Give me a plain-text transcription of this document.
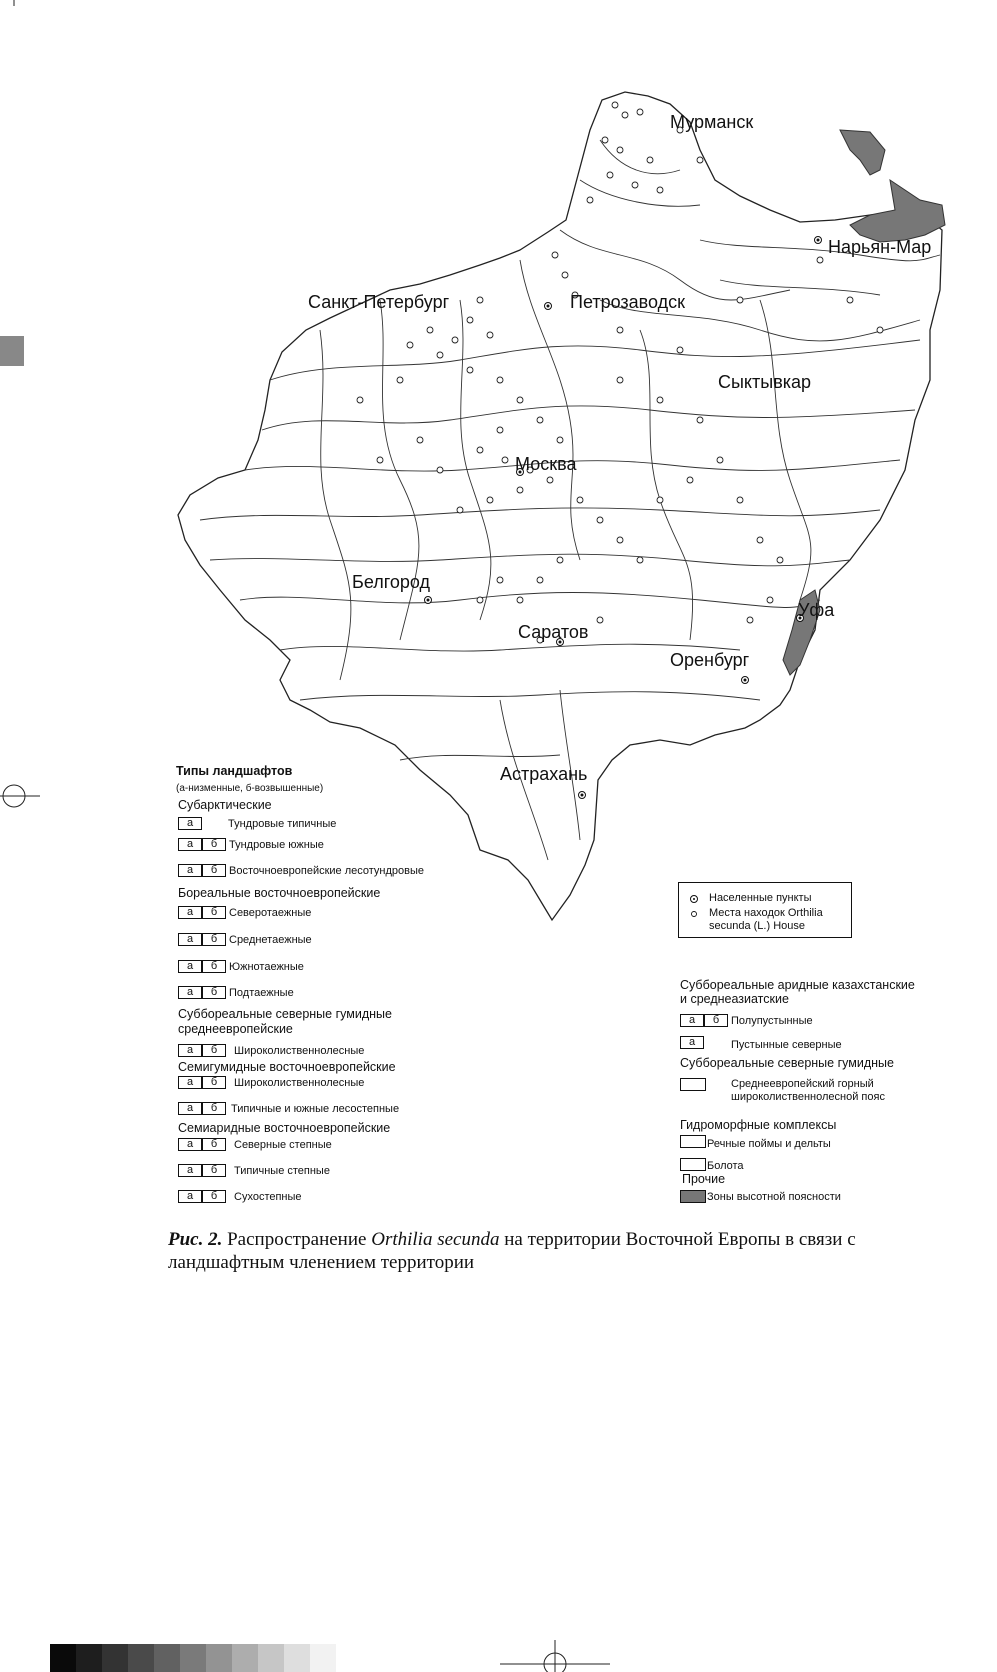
Мурманск
Нарьян-Мар
Санкт-Петербург	Петрозаводск
Сыктывкар
Москва
Белгород
Саратов
Уфа
Оренбург
Астрахань
Типы ландшафтов
(а-низменные, б-возвышенные)
Субарктические
а	Тундровые типичные
а	б	Тундровые южные
а	б	Восточноевропейские лесотундровые
Бореальные восточноевропейские
а	б	Северотаежные
а	б	Среднетаежные
а	б	Южнотаежные
а	б	Подтаежные
Суббореальные северные гумидные
среднеевропейские
а	б	Широколиственнолесные
Семигумидные восточноевропейские
а	б	Широколиственнолесные
а	б	Типичные и южные лесостепные
Семиаридные восточноевропейские
а	б	Северные степные
а	б	Типичные степные
а	б	Сухостепные
Населенные пункты
Места находок Orthilia
secunda (L.) House
Суббореальные аридные казахстанские
и среднеазиатские
а	б	Полупустынные
а	Пустынные северные
Суббореальные северные гумидные
Среднеевропейский горный
широколиственнолесной пояс
Гидроморфные комплексы
Речные поймы и дельты
Болота
Прочие
Зоны высотной поясности
Рис. 2. Распространение Orthilia secunda на территории Восточной Европы в связи с ландшафтным членением территории
